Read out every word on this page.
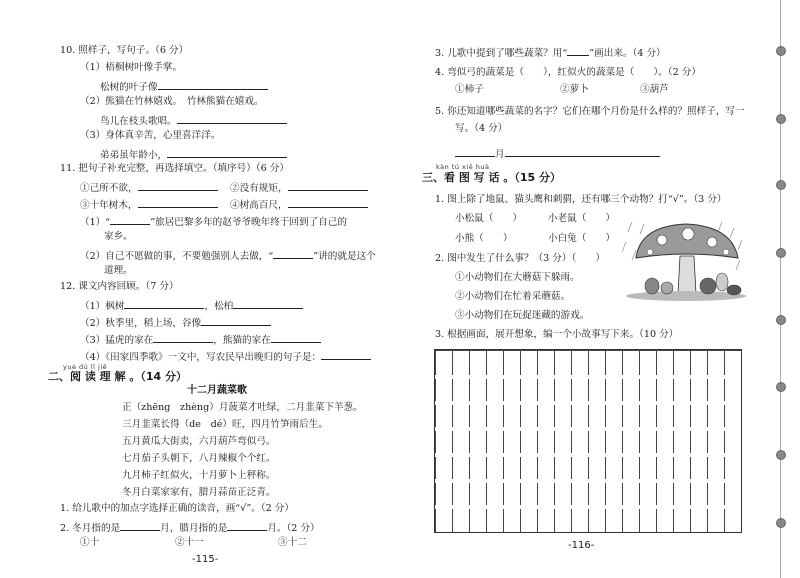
10. 照样子，写句子。（6 分）
（1）梧桐树叶像手掌。
松树的叶子像
（2）熊猫在竹林嬉戏。　竹林熊猫在嬉戏。
鸟儿在枝头歌唱。
（3）身体真辛苦，心里喜洋洋。
弟弟虽年龄小，
11. 把句子补充完整，再选择填空。（填序号）（6 分）
①己所不欲，	②没有规矩，
③十年树木，	④树高百尺，
（1）“	”旅居巴黎多年的赵爷爷晚年终于回到了自己的
家乡。
（2）自己不愿做的事，不要勉强别人去做，“	”讲的就是这个
道理。
12. 课文内容回顾。（7 分）
（1）枫树	，松柏
（2）秋季里，稻上场，谷像
（3）猛虎的家在	，熊猫的家在
（4）《田家四季歌》一文中，写农民早出晚归的句子是：
yuè dú lǐ jiě
二、阅 读 理 解 。（14 分）
十二月蔬菜歌
正（zhēng　zhèng）月菠菜才吐绿，二月韭菜下羊葱。
三月韭菜长得（de　dé）旺，四月竹笋雨后生。
五月黄瓜大街卖，六月葫芦弯似弓。
七月茄子头朝下，八月辣椒个个红。
九月柿子红似火，十月萝卜上秤称。
冬月白菜家家有，腊月蒜苗正泛青。
1. 给儿歌中的加点字选择正确的读音，画“√”。（2 分）
2. 冬月指的是	月，腊月指的是	月。（2 分）
①十	②十一	③十二
-115-
3. 儿歌中提到了哪些蔬菜？用“ ”画出来。（4 分）
4. 弯似弓的蔬菜是（　　），红似火的蔬菜是（　　）。（2 分）
①柿子	②萝卜	③葫芦
5. 你还知道哪些蔬菜的名字？它们在哪个月份是什么样的？照样子，写一
写。（4 分）
月
kàn tú xiě huà
三、看 图 写 话 。（15 分）
1. 图上除了地鼠、猫头鹰和刺猬，还有哪三个动物？打“√”。（3 分）
小松鼠（　　）	小老鼠（　　）
小熊（　　）	小白兔（　　）
2. 图中发生了什么事？（3 分）（　　）
①小动物们在大蘑菇下躲雨。
②小动物们在忙着采蘑菇。
③小动物们在玩捉迷藏的游戏。
3. 根据画面，展开想象，编一个小故事写下来。（10 分）
-116-
